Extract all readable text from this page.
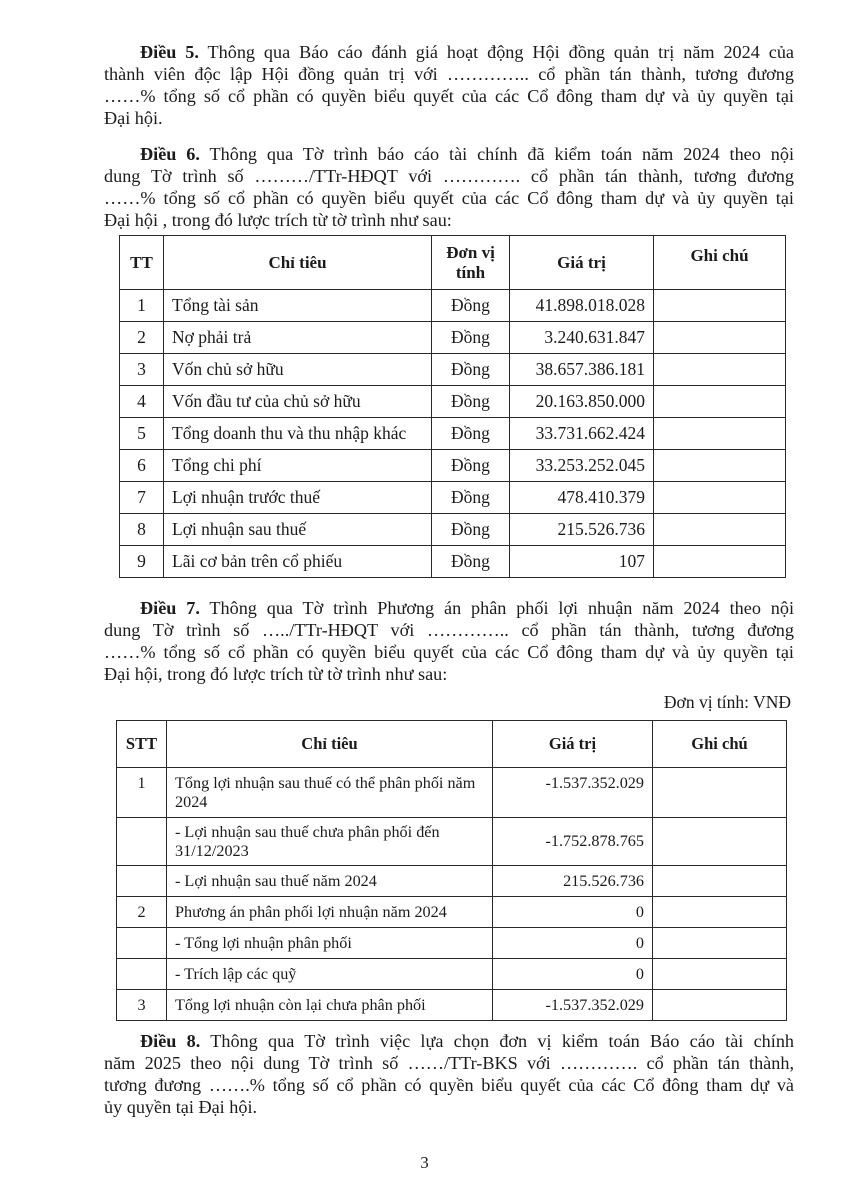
Điều 5. Thông qua Báo cáo đánh giá hoạt động Hội đồng quản trị năm 2024 của
thành viên độc lập Hội đồng quản trị với ………….. cổ phần tán thành, tương đương
……% tổng số cổ phần có quyền biểu quyết của các Cổ đông tham dự và ủy quyền tại
Đại hội.
Điều 6. Thông qua Tờ trình báo cáo tài chính đã kiểm toán năm 2024 theo nội
dung Tờ trình số ………/TTr-HĐQT với …………. cổ phần tán thành, tương đương
……% tổng số cổ phần có quyền biểu quyết của các Cổ đông tham dự và ủy quyền tại
Đại hội , trong đó lược trích từ tờ trình như sau:
TT	Chỉ tiêu	Đơn vị tính	Giá trị	Ghi chú
1	Tổng tài sản	Đồng	41.898.018.028	
2	Nợ phải trả	Đồng	3.240.631.847	
3	Vốn chủ sở hữu	Đồng	38.657.386.181	
4	Vốn đầu tư của chủ sở hữu	Đồng	20.163.850.000	
5	Tổng doanh thu và thu nhập khác	Đồng	33.731.662.424	
6	Tổng chi phí	Đồng	33.253.252.045	
7	Lợi nhuận trước thuế	Đồng	478.410.379	
8	Lợi nhuận sau thuế	Đồng	215.526.736	
9	Lãi cơ bản trên cổ phiếu	Đồng	107	
Điều 7. Thông qua Tờ trình Phương án phân phối lợi nhuận năm 2024 theo nội
dung Tờ trình số …../TTr-HĐQT với ………….. cổ phần tán thành, tương đương
……% tổng số cổ phần có quyền biểu quyết của các Cổ đông tham dự và ủy quyền tại
Đại hội, trong đó lược trích từ tờ trình như sau:
Đơn vị tính: VNĐ
STT	Chỉ tiêu	Giá trị	Ghi chú
1	Tổng lợi nhuận sau thuế có thể phân phối năm 2024	-1.537.352.029	
	- Lợi nhuận sau thuế chưa phân phối đến 31/12/2023	-1.752.878.765	
	- Lợi nhuận sau thuế năm 2024	215.526.736	
2	Phương án phân phối lợi nhuận năm 2024	0	
	- Tổng lợi nhuận phân phối	0	
	- Trích lập các quỹ	0	
3	Tổng lợi nhuận còn lại chưa phân phối	-1.537.352.029	
Điều 8. Thông qua Tờ trình việc lựa chọn đơn vị kiểm toán Báo cáo tài chính
năm 2025 theo nội dung Tờ trình số ……/TTr-BKS với …………. cổ phần tán thành,
tương đương …….% tổng số cổ phần có quyền biểu quyết của các Cổ đông tham dự và
ủy quyền tại Đại hội.
3
